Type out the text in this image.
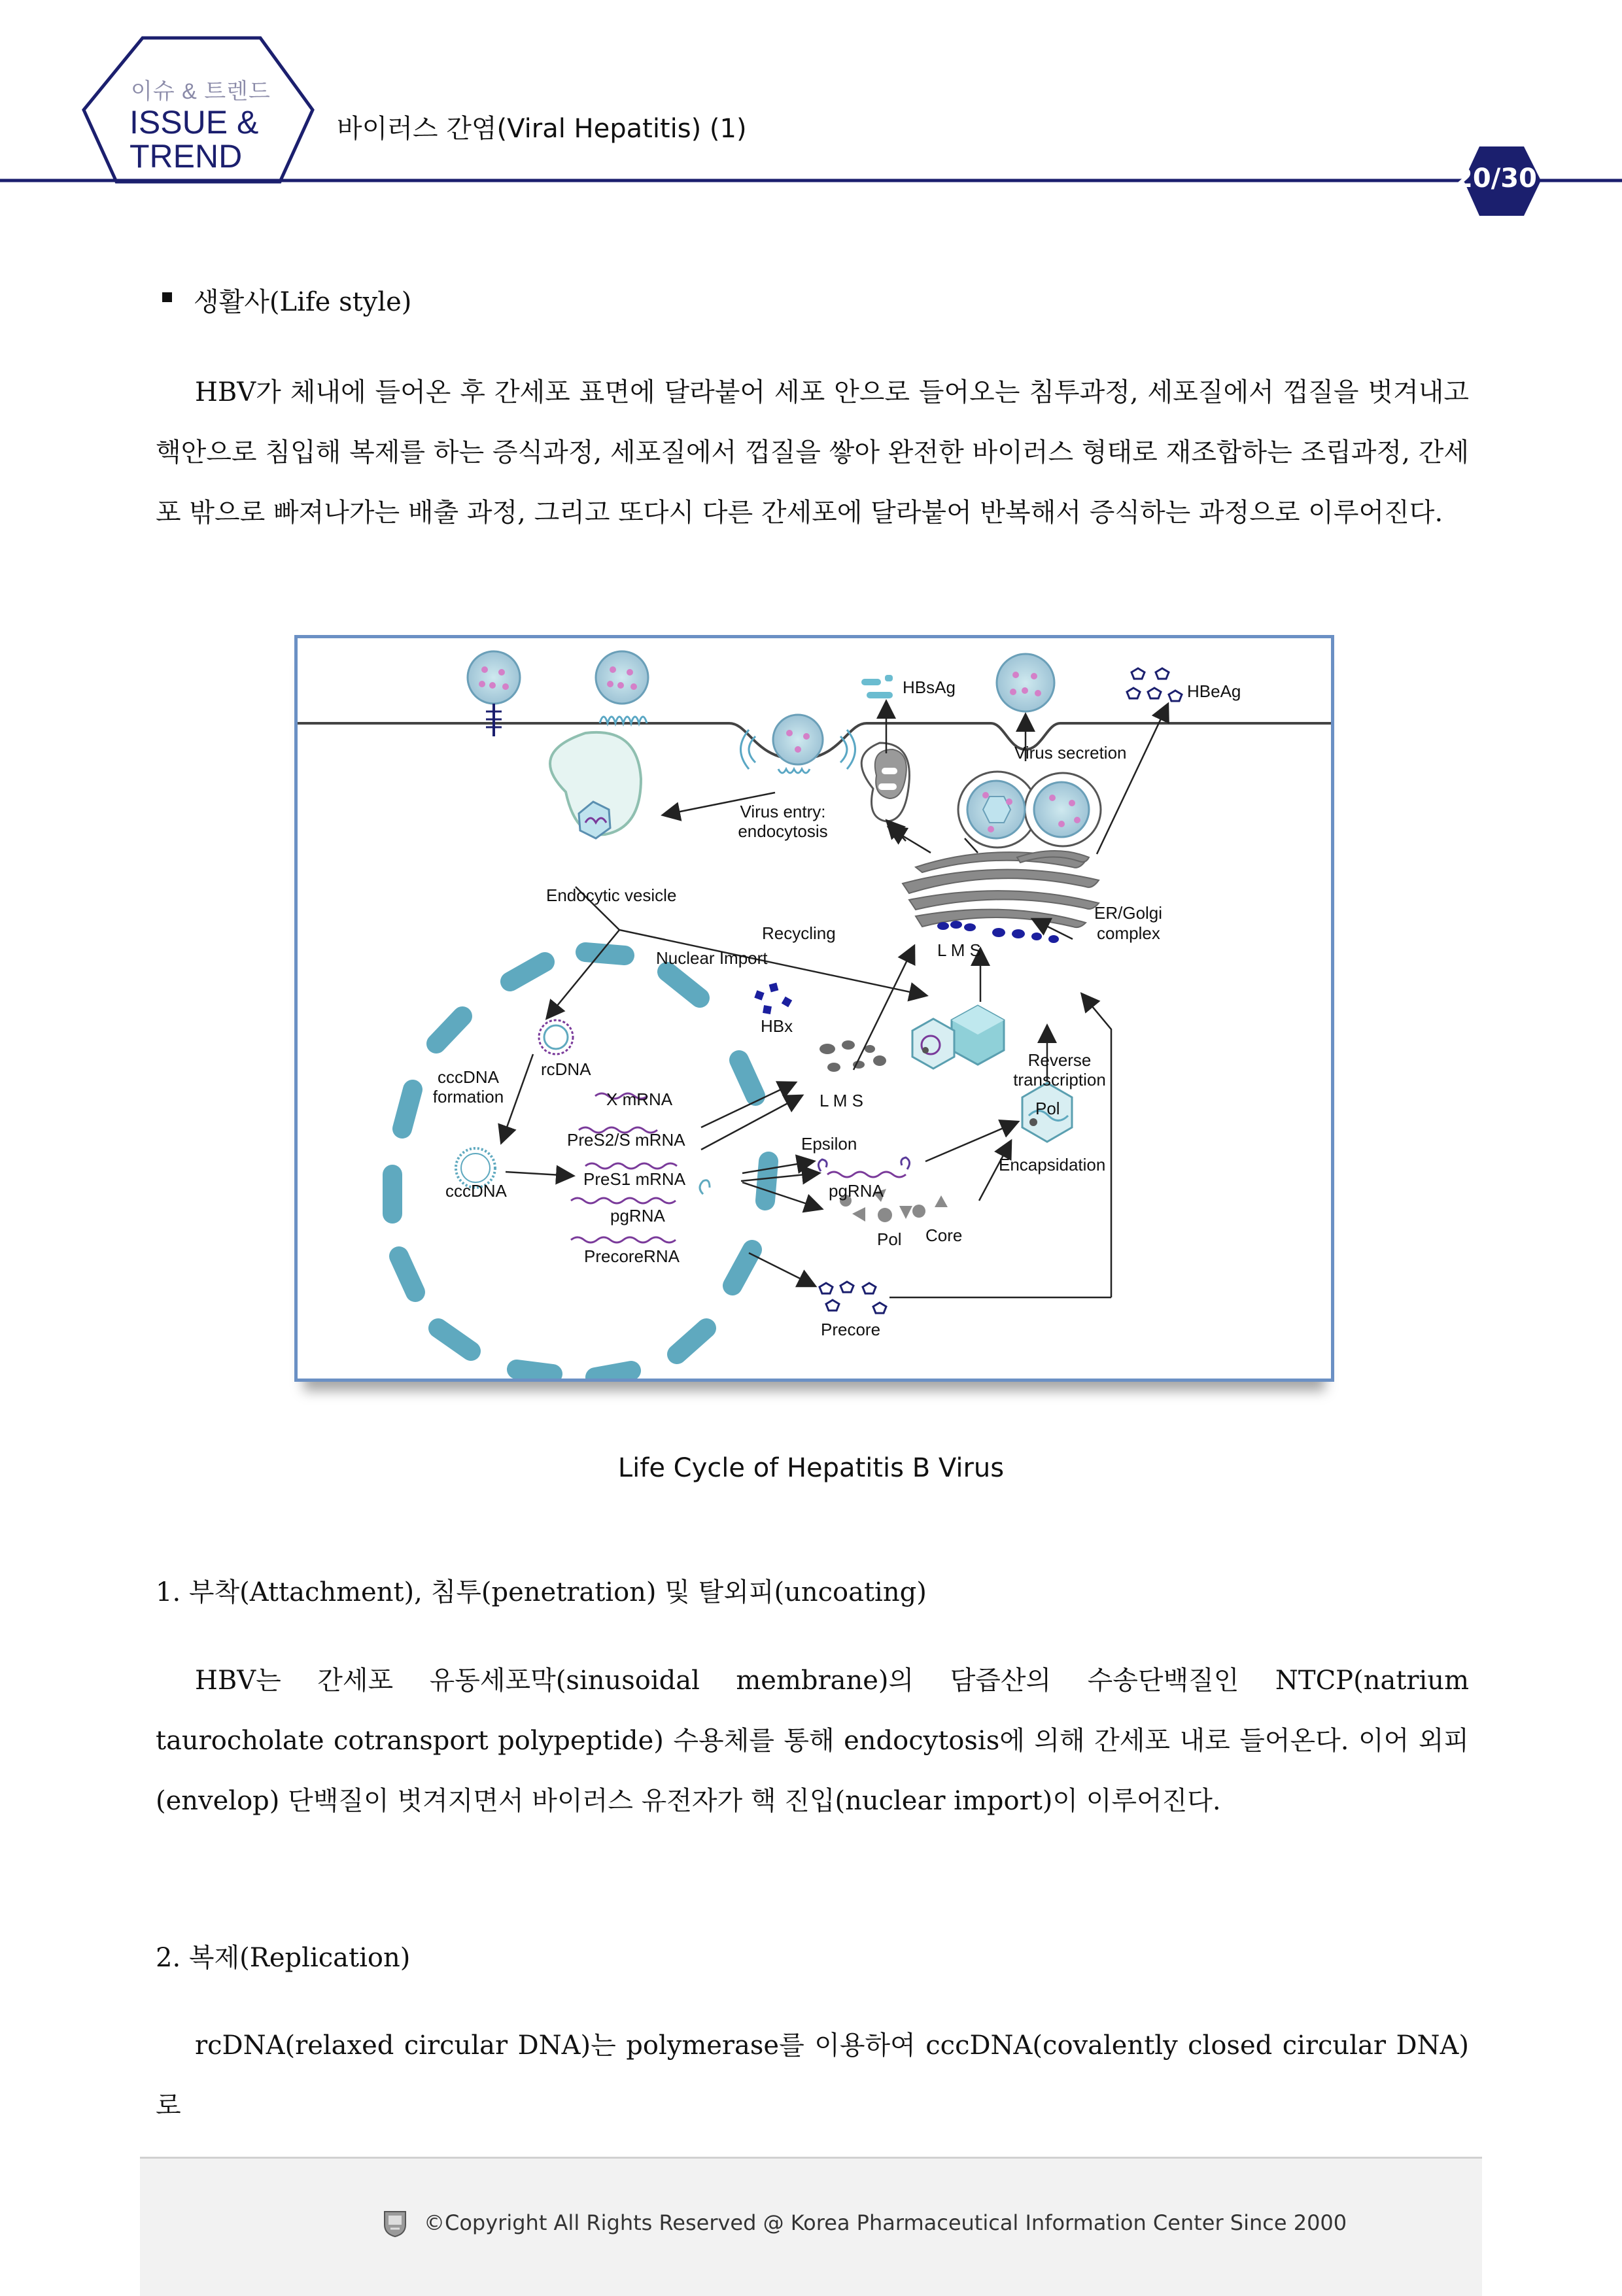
이슈 & 트렌드
ISSUE &
TREND
바이러스 간염(Viral Hepatitis) (1)
20/30
생활사(Life style)
HBV가 체내에 들어온 후 간세포 표면에 달라붙어 세포 안으로 들어오는 침투과정, 세포질에서 껍질을 벗겨내고 핵안으로 침입해 복제를 하는 증식과정, 세포질에서 껍질을 쌓아 완전한 바이러스 형태로 재조합하는 조립과정, 간세포 밖으로 빠져나가는 배출 과정, 그리고 또다시 다른 간세포에 달라붙어 반복해서 증식하는 과정으로 이루어진다.
HBsAg	HBeAg
Virus secretion
Virus entry:
endocytosis
Endocytic vesicle
Recycling
Nuclear Import
ER/Golgi
complex
L M S
HBx
cccDNA
formation
rcDNA
X mRNA
PreS2/S mRNA
PreS1 mRNA
pgRNA
PrecoreRNA
cccDNA
L M S
Reverse
transcription
Pol
Encapsidation
Epsilon
pgRNA
Pol Core
Precore
Life Cycle of Hepatitis B Virus
1. 부착(Attachment), 침투(penetration) 및 탈외피(uncoating)
HBV는 간세포 유동세포막(sinusoidal membrane)의 담즙산의 수송단백질인 NTCP(natrium taurocholate cotransport polypeptide) 수용체를 통해 endocytosis에 의해 간세포 내로 들어온다. 이어 외피(envelop) 단백질이 벗겨지면서 바이러스 유전자가 핵 진입(nuclear import)이 이루어진다.
2. 복제(Replication)
rcDNA(relaxed circular DNA)는 polymerase를 이용하여 cccDNA(covalently closed circular DNA)로
©Copyright All Rights Reserved @ Korea Pharmaceutical Information Center Since 2000
